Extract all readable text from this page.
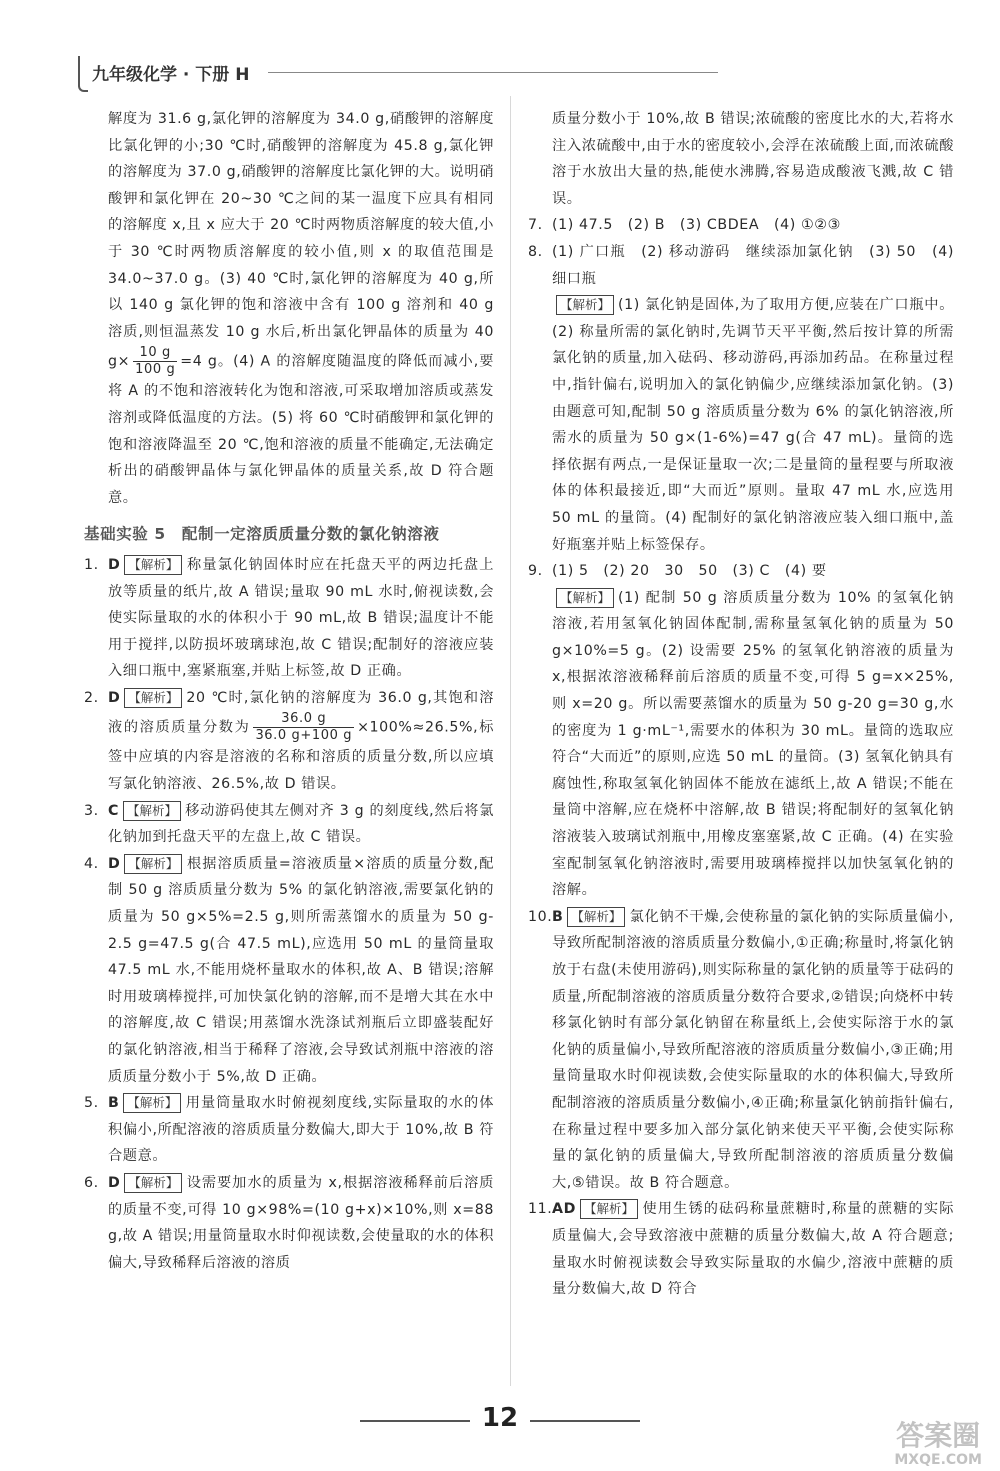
九年级化学 · 下册 H

解度为 31.6 g,氯化钾的溶解度为 34.0 g,硝酸钾的溶解度比氯化钾的小;30 ℃时,硝酸钾的溶解度为 45.8 g,氯化钾的溶解度为 37.0 g,硝酸钾的溶解度比氯化钾的大。说明硝酸钾和氯化钾在 20~30 ℃之间的某一温度下应具有相同的溶解度 x,且 x 应大于 20 ℃时两物质溶解度的较大值,小于 30 ℃时两物质溶解度的较小值,则 x 的取值范围是 34.0~37.0 g。(3) 40 ℃时,氯化钾的溶解度为 40 g,所以 140 g 氯化钾的饱和溶液中含有 100 g 溶剂和 40 g 溶质,则恒温蒸发 10 g 水后,析出氯化钾晶体的质量为 40 $g\times \frac{10 g}{100 g} =4$ g。(4) A 的溶解度随温度的降低而减小,要将 A 的不饱和溶液转化为饱和溶液,可采取增加溶质或蒸发溶剂或降低温度的方法。(5) 将 60 ℃时硝酸钾和氯化钾的饱和溶液降温至 20 ℃,饱和溶液的质量不能确定,无法确定析出的硝酸钾晶体与氯化钾晶体的质量关系,故 D 符合题意。

基础实验 5　配制一定溶质质量分数的氯化钠溶液

1. D 【解析】 称量氯化钠固体时应在托盘天平的两边托盘上放等质量的纸片,故 A 错误;量取 90 mL 水时,俯视读数,会使实际量取的水的体积小于 90 mL,故 B 错误;温度计不能用于搅拌,以防损坏玻璃球泡,故 C 错误;配制好的溶液应装入细口瓶中,塞紧瓶塞,并贴上标签,故 D 正确。

2. D 【解析】 20 ℃时,氯化钠的溶解度为 36.0 g,其饱和溶液的溶质质量分数为 $\frac{36.0 g}{36.0 g+100 g} \times 100\%\approx 26.5\%$,标签中应填的内容是溶液的名称和溶质的质量分数,所以应填写氯化钠溶液、26.5%,故 D 错误。

3. C 【解析】 移动游码使其左侧对齐 3 g 的刻度线,然后将氯化钠加到托盘天平的左盘上,故 C 错误。

4. D 【解析】 根据溶质质量=溶液质量×溶质的质量分数,配制 50 g 溶质质量分数为 5% 的氯化钠溶液,需要氯化钠的质量为 50 g×5%=2.5 g,则所需蒸馏水的质量为 50 g-2.5 g=47.5 g(合 47.5 mL),应选用 50 mL 的量筒量取 47.5 mL 水,不能用烧杯量取水的体积,故 A、B 错误;溶解时用玻璃棒搅拌,可加快氯化钠的溶解,而不是增大其在水中的溶解度,故 C 错误;用蒸馏水洗涤试剂瓶后立即盛装配好的氯化钠溶液,相当于稀释了溶液,会导致试剂瓶中溶液的溶质质量分数小于 5%,故 D 正确。

5. B 【解析】 用量筒量取水时俯视刻度线,实际量取的水的体积偏小,所配溶液的溶质质量分数偏大,即大于 10%,故 B 符合题意。

6. D 【解析】 设需要加水的质量为 x,根据溶液稀释前后溶质的质量不变,可得 10 g×98%=(10 g+x)×10%,则 x=88 g,故 A 错误;用量筒量取水时仰视读数,会使量取的水的体积偏大,导致稀释后溶液的溶质

质量分数小于 10%,故 B 错误;浓硫酸的密度比水的大,若将水注入浓硫酸中,由于水的密度较小,会浮在浓硫酸上面,而浓硫酸溶于水放出大量的热,能使水沸腾,容易造成酸液飞溅,故 C 错误。

7. (1) 47.5　(2) B　(3) CBDEA　(4) ①②③

8. (1) 广口瓶　(2) 移动游码　继续添加氯化钠　(3) 50　(4) 细口瓶

【解析】 (1) 氯化钠是固体,为了取用方便,应装在广口瓶中。(2) 称量所需的氯化钠时,先调节天平平衡,然后按计算的所需氯化钠的质量,加入砝码、移动游码,再添加药品。在称量过程中,指针偏右,说明加入的氯化钠偏少,应继续添加氯化钠。(3) 由题意可知,配制 50 g 溶质质量分数为 6% 的氯化钠溶液,所需水的质量为 50 g×(1-6%)=47 g(合 47 mL)。量筒的选择依据有两点,一是保证量取一次;二是量筒的量程要与所取液体的体积最接近,即“大而近”原则。量取 47 mL 水,应选用 50 mL 的量筒。(4) 配制好的氯化钠溶液应装入细口瓶中,盖好瓶塞并贴上标签保存。

9. (1) 5　(2) 20　30　50　(3) C　(4) 要

【解析】 (1) 配制 50 g 溶质质量分数为 10% 的氢氧化钠溶液,若用氢氧化钠固体配制,需称量氢氧化钠的质量为 50 g×10%=5 g。(2) 设需要 25% 的氢氧化钠溶液的质量为 x,根据浓溶液稀释前后溶质的质量不变,可得 5 g=x×25%,则 x=20 g。所以需要蒸馏水的质量为 50 g-20 g=30 g,水的密度为 1 g·mL⁻¹,需要水的体积为 30 mL。量筒的选取应符合“大而近”的原则,应选 50 mL 的量筒。(3) 氢氧化钠具有腐蚀性,称取氢氧化钠固体不能放在滤纸上,故 A 错误;不能在量筒中溶解,应在烧杯中溶解,故 B 错误;将配制好的氢氧化钠溶液装入玻璃试剂瓶中,用橡皮塞塞紧,故 C 正确。(4) 在实验室配制氢氧化钠溶液时,需要用玻璃棒搅拌以加快氢氧化钠的溶解。

10. B 【解析】 氯化钠不干燥,会使称量的氯化钠的实际质量偏小,导致所配制溶液的溶质质量分数偏小,①正确;称量时,将氯化钠放于右盘(未使用游码),则实际称量的氯化钠的质量等于砝码的质量,所配制溶液的溶质质量分数符合要求,②错误;向烧杯中转移氯化钠时有部分氯化钠留在称量纸上,会使实际溶于水的氯化钠的质量偏小,导致所配溶液的溶质质量分数偏小,③正确;用量筒量取水时仰视读数,会使实际量取的水的体积偏大,导致所配制溶液的溶质质量分数偏小,④正确;称量氯化钠前指针偏右,在称量过程中要多加入部分氯化钠来使天平平衡,会使实际称量的氯化钠的质量偏大,导致所配制溶液的溶质质量分数偏大,⑤错误。故 B 符合题意。

11. AD 【解析】 使用生锈的砝码称量蔗糖时,称量的蔗糖的实际质量偏大,会导致溶液中蔗糖的质量分数偏大,故 A 符合题意;量取水时俯视读数会导致实际量取的水偏少,溶液中蔗糖的质量分数偏大,故 D 符合

12
答案圈
MXQE.COM
